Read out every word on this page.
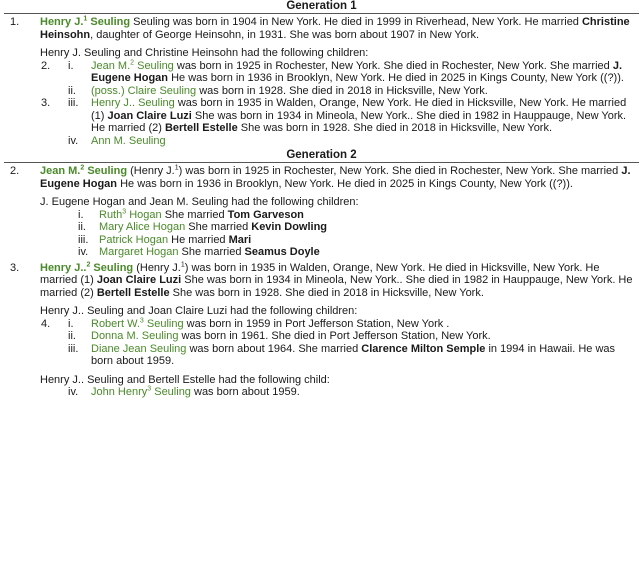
Generation 1
1. Henry J.$^1$ Seuling Seuling was born in 1904 in New York. He died in 1999 in Riverhead, New York. He married Christine Heinsohn, daughter of George Heinsohn, in 1931. She was born about 1907 in New York.
Henry J. Seuling and Christine Heinsohn had the following children:
2. i.	Jean M.$^2$ Seuling was born in 1925 in Rochester, New York. She died in Rochester, New York. She married J. Eugene Hogan He was born in 1936 in Brooklyn, New York. He died in 2025 in Kings County, New York ((?)).
ii.	(poss.) Claire Seuling was born in 1928. She died in 2018 in Hicksville, New York.
3. iii.	Henry J.. Seuling was born in 1935 in Walden, Orange, New York. He died in Hicksville, New York. He married (1) Joan Claire Luzi She was born in 1934 in Mineola, New York.. She died in 1982 in Hauppauge, New York. He married (2) Bertell Estelle She was born in 1928. She died in 2018 in Hicksville, New York.
iv.	Ann M. Seuling
Generation 2
2. Jean M.$^2$ Seuling (Henry J.$^1$) was born in 1925 in Rochester, New York. She died in Rochester, New York. She married J. Eugene Hogan He was born in 1936 in Brooklyn, New York. He died in 2025 in Kings County, New York ((?)).
J. Eugene Hogan and Jean M. Seuling had the following children:
i.	Ruth$^3$ Hogan She married Tom Garveson
ii.	Mary Alice Hogan She married Kevin Dowling
iii. Patrick Hogan He married Mari
iv. Margaret Hogan She married Seamus Doyle
3. Henry J..$^2$ Seuling (Henry J.$^1$) was born in 1935 in Walden, Orange, New York. He died in Hicksville, New York. He married (1) Joan Claire Luzi She was born in 1934 in Mineola, New York.. She died in 1982 in Hauppauge, New York. He married (2) Bertell Estelle She was born in 1928. She died in 2018 in Hicksville, New York.
Henry J.. Seuling and Joan Claire Luzi had the following children:
4. i.	Robert W.$^3$ Seuling was born in 1959 in Port Jefferson Station, New York .
ii.	Donna M. Seuling was born in 1961. She died in Port Jefferson Station, New York.
iii.	Diane Jean Seuling was born about 1964. She married Clarence Milton Semple in 1994 in Hawaii. He was born about 1959.
Henry J.. Seuling and Bertell Estelle had the following child:
iv.	John Henry$^3$ Seuling was born about 1959.
